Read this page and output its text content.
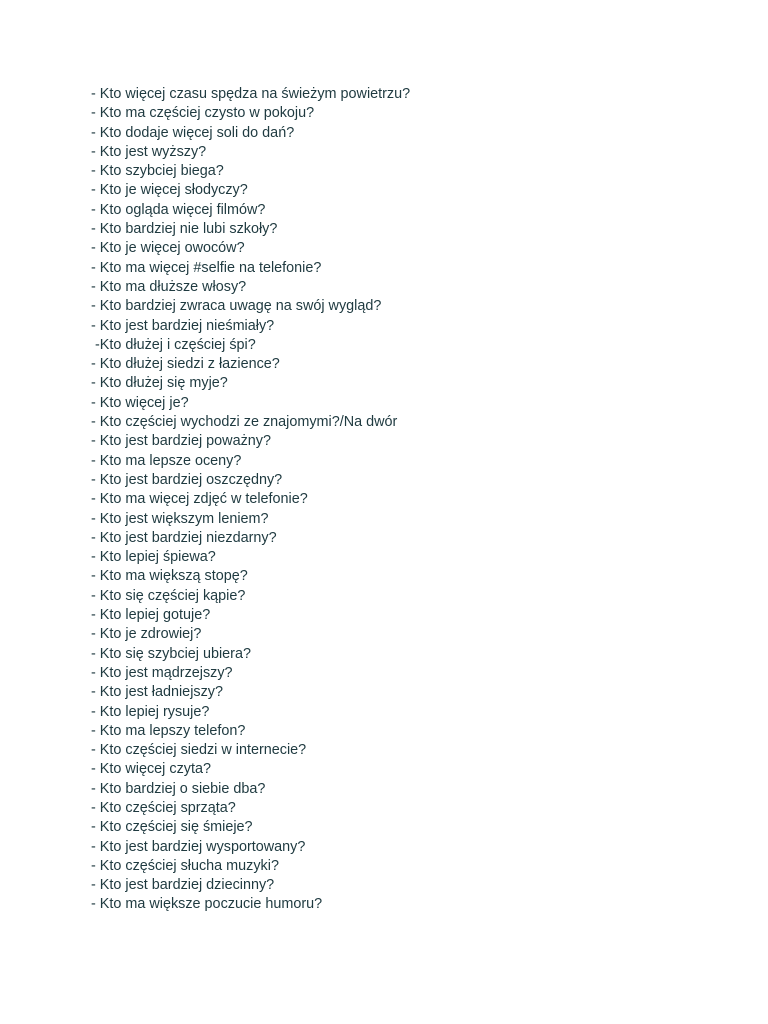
- Kto więcej czasu spędza na świeżym powietrzu?
- Kto ma częściej czysto w pokoju?
- Kto dodaje więcej soli do dań?
- Kto jest wyższy?
- Kto szybciej biega?
- Kto je więcej słodyczy?
- Kto ogląda więcej filmów?
- Kto bardziej nie lubi szkoły?
- Kto je więcej owoców?
- Kto ma więcej #selfie na telefonie?
- Kto ma dłuższe włosy?
- Kto bardziej zwraca uwagę na swój wygląd?
- Kto jest bardziej nieśmiały?
-Kto dłużej i częściej śpi?
- Kto dłużej siedzi z łazience?
- Kto dłużej się myje?
- Kto więcej je?
- Kto częściej wychodzi ze znajomymi?/Na dwór
- Kto jest bardziej poważny?
- Kto ma lepsze oceny?
- Kto jest bardziej oszczędny?
- Kto ma więcej zdjęć w telefonie?
- Kto jest większym leniem?
- Kto jest bardziej niezdarny?
- Kto lepiej śpiewa?
- Kto ma większą stopę?
- Kto się częściej kąpie?
- Kto lepiej gotuje?
- Kto je zdrowiej?
- Kto się szybciej ubiera?
- Kto jest mądrzejszy?
- Kto jest ładniejszy?
- Kto lepiej rysuje?
- Kto ma lepszy telefon?
- Kto częściej siedzi w internecie?
- Kto więcej czyta?
- Kto bardziej o siebie dba?
- Kto częściej sprząta?
- Kto częściej się śmieje?
- Kto jest bardziej wysportowany?
- Kto częściej słucha muzyki?
- Kto jest bardziej dziecinny?
- Kto ma większe poczucie humoru?
